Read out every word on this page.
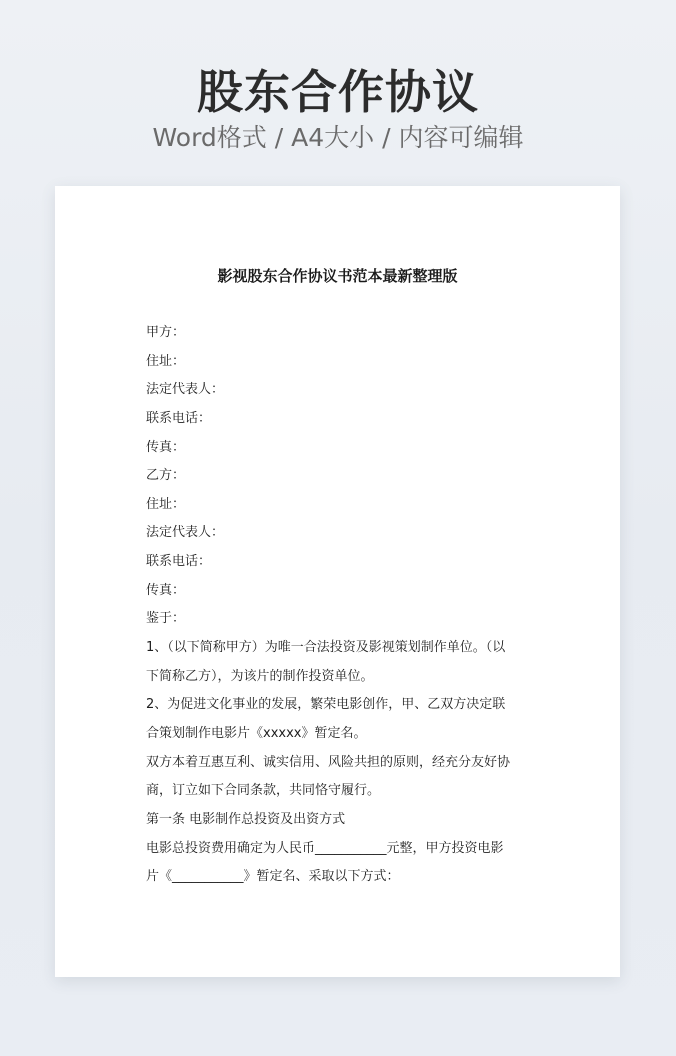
股东合作协议
Word格式 / A4大小 / 内容可编辑
影视股东合作协议书范本最新整理版
甲方：
住址：
法定代表人：
联系电话：
传真：
乙方：
住址：
法定代表人：
联系电话：
传真：
鉴于：
1、（以下简称甲方）为唯一合法投资及影视策划制作单位。（以
下简称乙方），为该片的制作投资单位。
2、为促进文化事业的发展，繁荣电影创作，甲、乙双方决定联
合策划制作电影片《xxxxx》暂定名。
双方本着互惠互利、诚实信用、风险共担的原则，经充分友好协
商，订立如下合同条款，共同恪守履行。
第一条 电影制作总投资及出资方式
电影总投资费用确定为人民币___________元整，甲方投资电影
片《___________》暂定名、采取以下方式：
